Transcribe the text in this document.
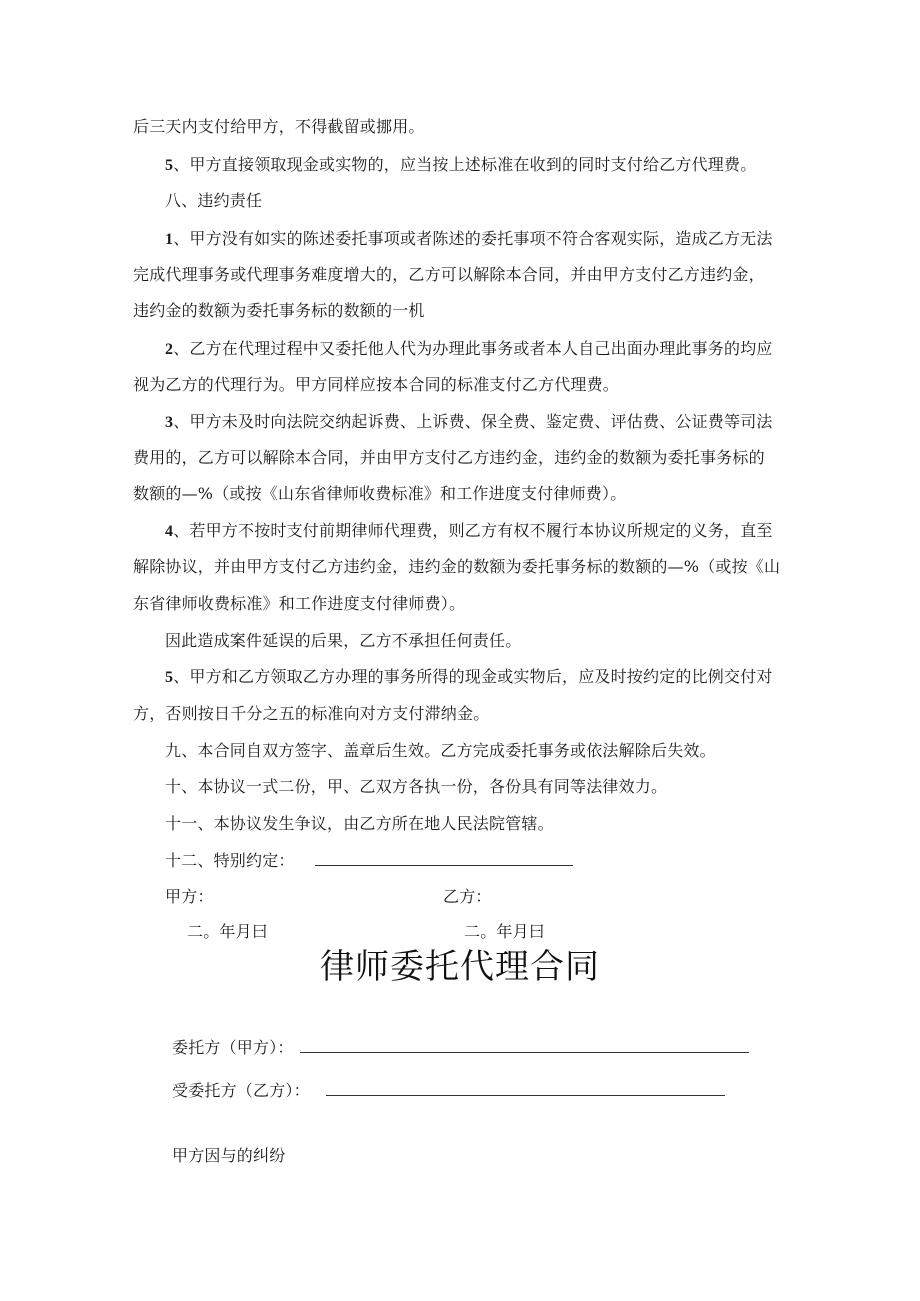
后三天内支付给甲方，不得截留或挪用。
5、甲方直接领取现金或实物的，应当按上述标准在收到的同时支付给乙方代理费。
八、违约责任
1、甲方没有如实的陈述委托事项或者陈述的委托事项不符合客观实际，造成乙方无法
完成代理事务或代理事务难度增大的，乙方可以解除本合同，并由甲方支付乙方违约金，
违约金的数额为委托事务标的数额的一机
2、乙方在代理过程中又委托他人代为办理此事务或者本人自己出面办理此事务的均应
视为乙方的代理行为。甲方同样应按本合同的标准支付乙方代理费。
3、甲方未及时向法院交纳起诉费、上诉费、保全费、鉴定费、评估费、公证费等司法
费用的，乙方可以解除本合同，并由甲方支付乙方违约金，违约金的数额为委托事务标的
数额的—%（或按《山东省律师收费标准》和工作进度支付律师费）。
4、若甲方不按时支付前期律师代理费，则乙方有权不履行本协议所规定的义务，直至
解除协议，并由甲方支付乙方违约金，违约金的数额为委托事务标的数额的—%（或按《山
东省律师收费标准》和工作进度支付律师费）。
因此造成案件延误的后果，乙方不承担任何责任。
5、甲方和乙方领取乙方办理的事务所得的现金或实物后，应及时按约定的比例交付对
方，否则按日千分之五的标准向对方支付滞纳金。
九、本合同自双方签字、盖章后生效。乙方完成委托事务或依法解除后失效。
十、本协议一式二份，甲、乙双方各执一份，各份具有同等法律效力。
十一、本协议发生争议，由乙方所在地人民法院管辖。
十二、特别约定：
甲方：	乙方：
二。年月曰	二。年月曰
律师委托代理合同
委托方（甲方）：
受委托方（乙方）：
甲方因与的纠纷
